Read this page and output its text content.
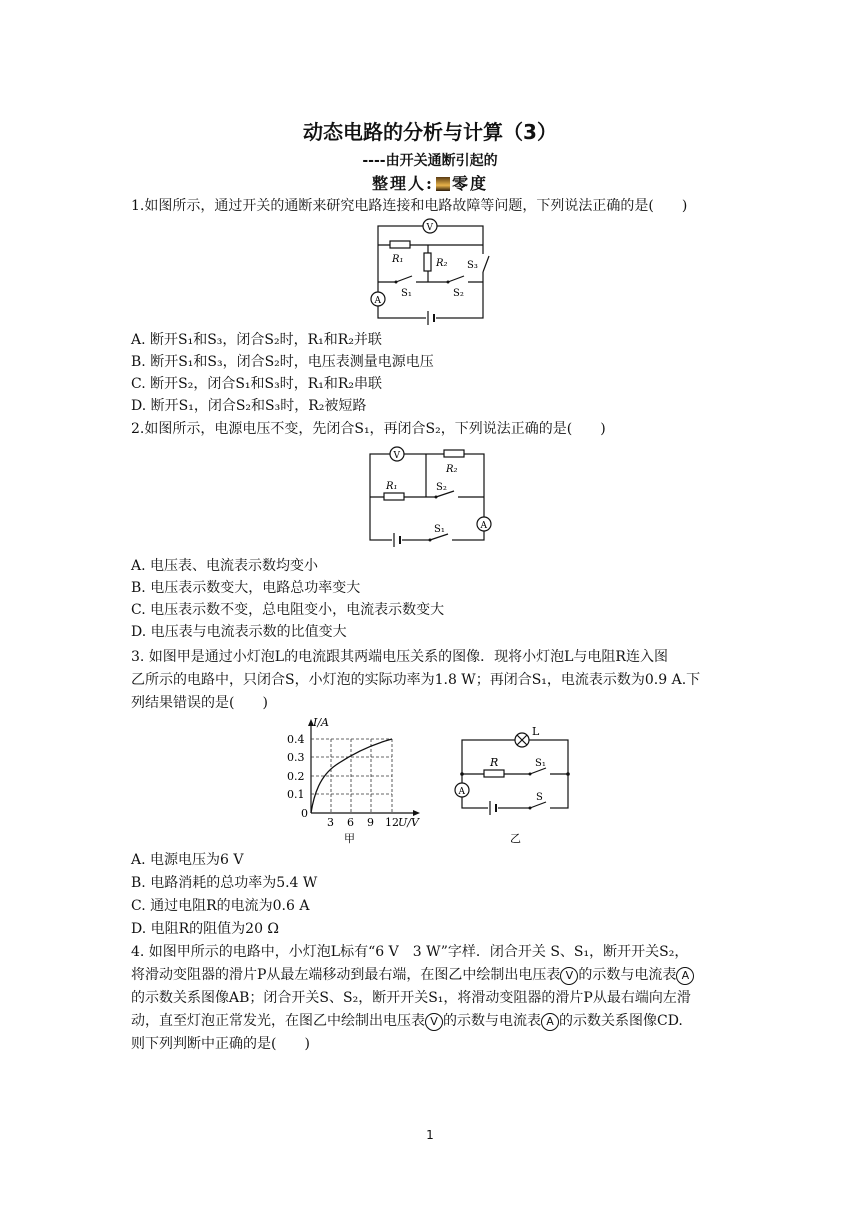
动态电路的分析与计算（3）
----由开关通断引起的
整理人: 零度
1.如图所示，通过开关的通断来研究电路连接和电路故障等问题，下列说法正确的是(　　)
V
R₁	R₂
S₁	S₂
S₃
A
A. 断开S₁和S₃，闭合S₂时，R₁和R₂并联
B. 断开S₁和S₃，闭合S₂时，电压表测量电源电压
C. 断开S₂，闭合S₁和S₃时，R₁和R₂串联
D. 断开S₁，闭合S₂和S₃时，R₂被短路
2.如图所示，电源电压不变，先闭合S₁，再闭合S₂，下列说法正确的是(　　)
V
R₂
R₁	S₂
A
S₁
A. 电压表、电流表示数均变小
B. 电压表示数变大，电路总功率变大
C. 电压表示数不变，总电阻变小，电流表示数变大
D. 电压表与电流表示数的比值变大
3. 如图甲是通过小灯泡L的电流跟其两端电压关系的图像．现将小灯泡L与电阻R连入图
乙所示的电路中，只闭合S，小灯泡的实际功率为1.8 W；再闭合S₁，电流表示数为0.9 A.下
列结果错误的是(　　)
I/A
U/V
0.4
0.3
0.2
0.1
0
3 6 9 12
甲
L
R	S₁
A	S
乙
A. 电源电压为6 V
B. 电路消耗的总功率为5.4 W
C. 通过电阻R的电流为0.6 A
D. 电阻R的阻值为20 Ω
4. 如图甲所示的电路中，小灯泡L标有“6 V　3 W”字样．闭合开关 S、S₁，断开开关S₂，
将滑动变阻器的滑片P从最左端移动到最右端，在图乙中绘制出电压表 V 的示数与电流表 A
的示数关系图像AB；闭合开关S、S₂，断开开关S₁，将滑动变阻器的滑片P从最右端向左滑
动，直至灯泡正常发光，在图乙中绘制出电压表 V 的示数与电流表 A 的示数关系图像CD.
则下列判断中正确的是(　　)
1
